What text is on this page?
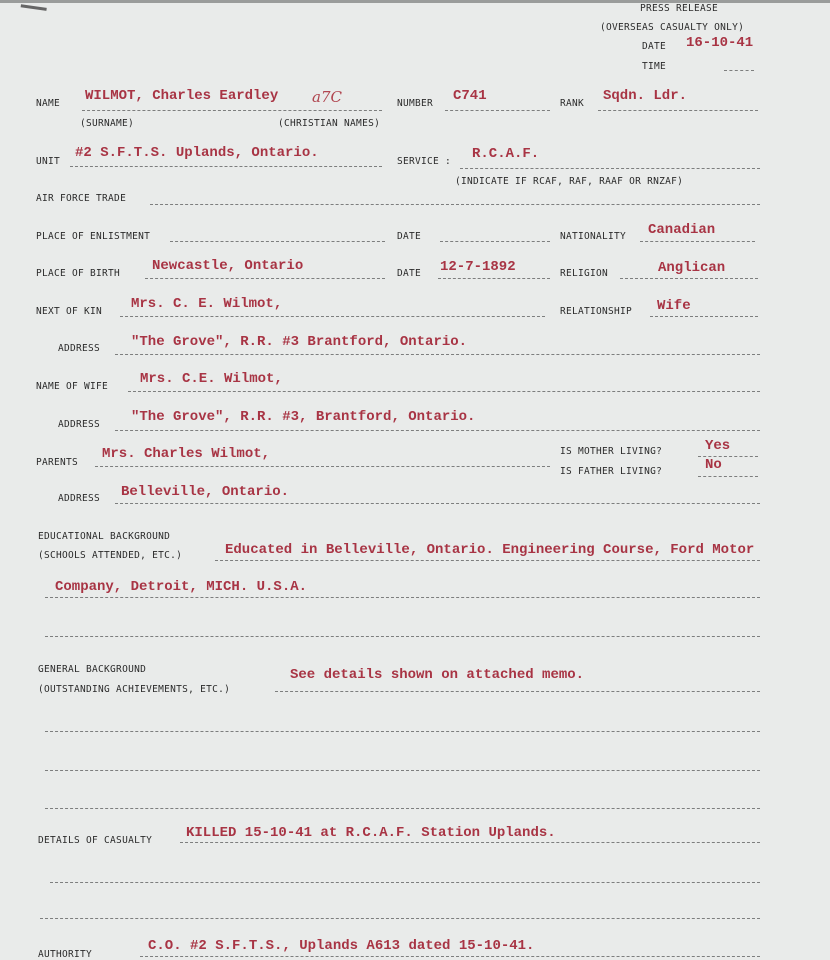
PRESS RELEASE
(OVERSEAS CASUALTY ONLY)
DATE 16-10-41
TIME
NAME WILMOT, Charles Eardley a7C	NUMBER C741	RANK Sqdn. Ldr.
(SURNAME)	(CHRISTIAN NAMES)
UNIT
#2 S.F.T.S. Uplands, Ontario.
SERVICE : R.C.A.F.
(INDICATE IF RCAF, RAF, RAAF OR RNZAF)
AIR FORCE TRADE
PLACE OF ENLISTMENT	DATE	NATIONALITY Canadian
PLACE OF BIRTH Newcastle, Ontario	DATE 12-7-1892	RELIGION	Anglican
NEXT OF KIN Mrs. C. E. Wilmot,	RELATIONSHIP Wife
ADDRESS "The Grove", R.R. #3 Brantford, Ontario.
NAME OF WIFE Mrs. C.E. Wilmot,
ADDRESS "The Grove", R.R. #3, Brantford, Ontario.
PARENTS
Mrs. Charles Wilmot,	IS MOTHER LIVING?	Yes
IS FATHER LIVING?	No
ADDRESS Belleville, Ontario.
EDUCATIONAL BACKGROUND
(SCHOOLS ATTENDED, ETC.)	Educated in Belleville, Ontario. Engineering Course, Ford Motor
Company, Detroit, MICH. U.S.A.
GENERAL BACKGROUND
(OUTSTANDING ACHIEVEMENTS, ETC.)
See details shown on attached memo.
DETAILS OF CASUALTY KILLED 15-10-41 at R.C.A.F. Station Uplands.
AUTHORITY
C.O. #2 S.F.T.S., Uplands A613 dated 15-10-41.
